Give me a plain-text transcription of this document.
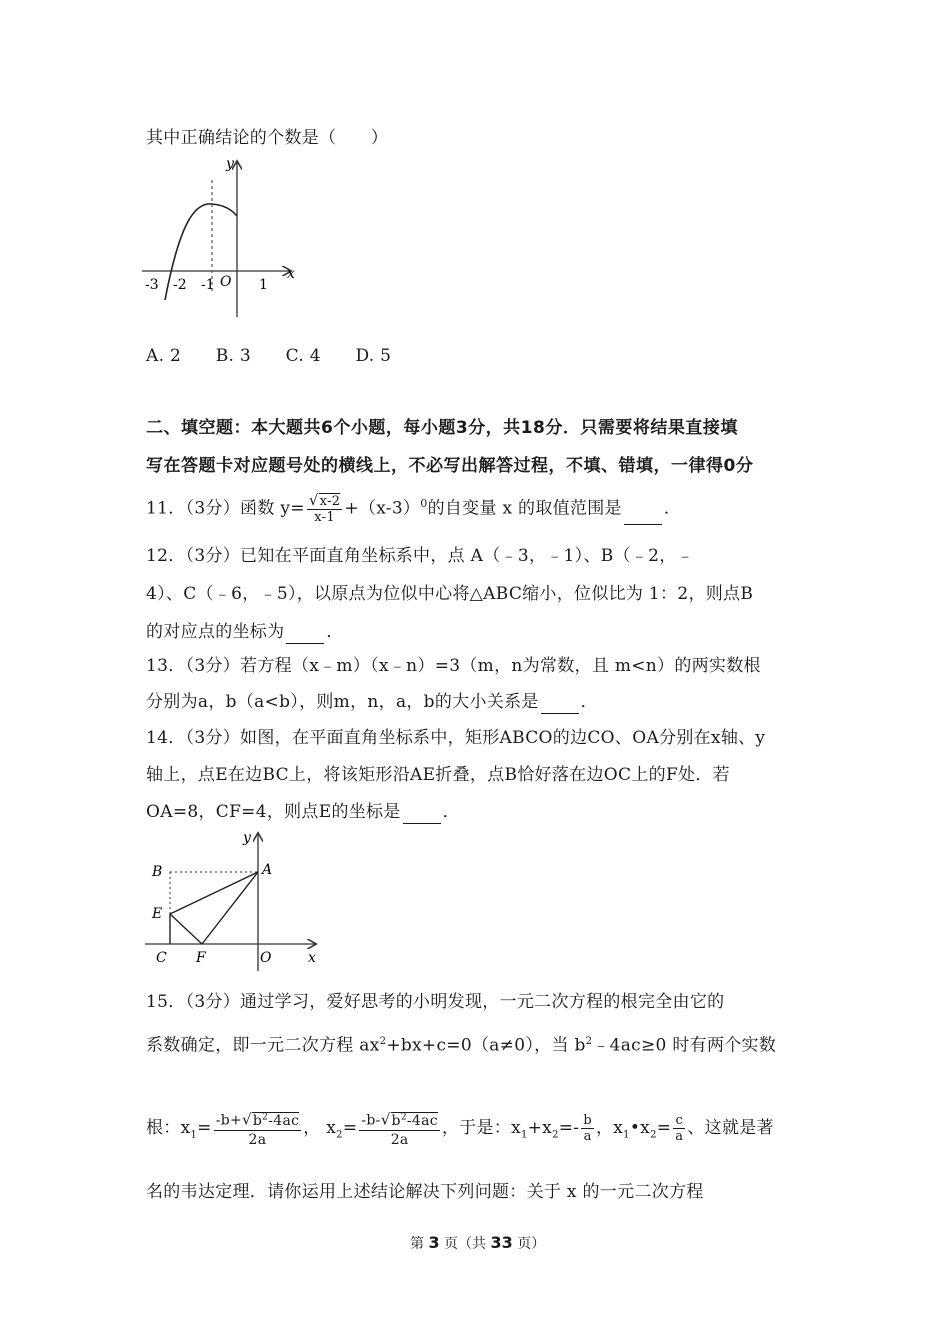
其中正确结论的个数是（　　）
y
x
-3 -2 -1 O 1
A. 2　　B. 3　　C. 4　　D. 5
二、填空题：本大题共6个小题，每小题3分，共18分．只需要将结果直接填
写在答题卡对应题号处的横线上，不必写出解答过程，不填、错填，一律得0分
11．（3分）函数 $y= \frac{√x-2}{x-1} +(x-3)^0$的自变量 x 的取值范围是 ．
12．（3分）已知在平面直角坐标系中，点 A（﹣3，﹣1）、B（﹣2，﹣
4）、C（﹣6，﹣5），以原点为位似中心将△ABC缩小，位似比为 1：2，则点B
的对应点的坐标为 ．
13．（3分）若方程（x﹣m）（x﹣n）=3（m，n为常数，且 m<n）的两实数根
分别为a，b（a<b），则m，n，a，b的大小关系是 ．
14．（3分）如图，在平面直角坐标系中，矩形ABCO的边CO、OA分别在x轴、y
轴上，点E在边BC上，将该矩形沿AE折叠，点B恰好落在边OC上的F处．若
OA=8，CF=4，则点E的坐标是 ．
y
B	A
E
C F	O	x
15．（3分）通过学习，爱好思考的小明发现，一元二次方程的根完全由它的
系数确定，即一元二次方程 $ax^2+bx+c=0(a\ne 0)$，当 $b^2﹣4ac\ge 0$ 时有两个实数
根：$x_1= \frac{-b+√b^2-4ac}{2a}$ ， $x_2= \frac{-b-√b^2-4ac}{2a}$ ，于是：$x_1+x_2=- \frac{b}{a}$ ，$x_1•x_2= \frac{c}{a}$ 、这就是著
名的韦达定理．请你运用上述结论解决下列问题：关于 x 的一元二次方程
第 3 页（共 33 页）
